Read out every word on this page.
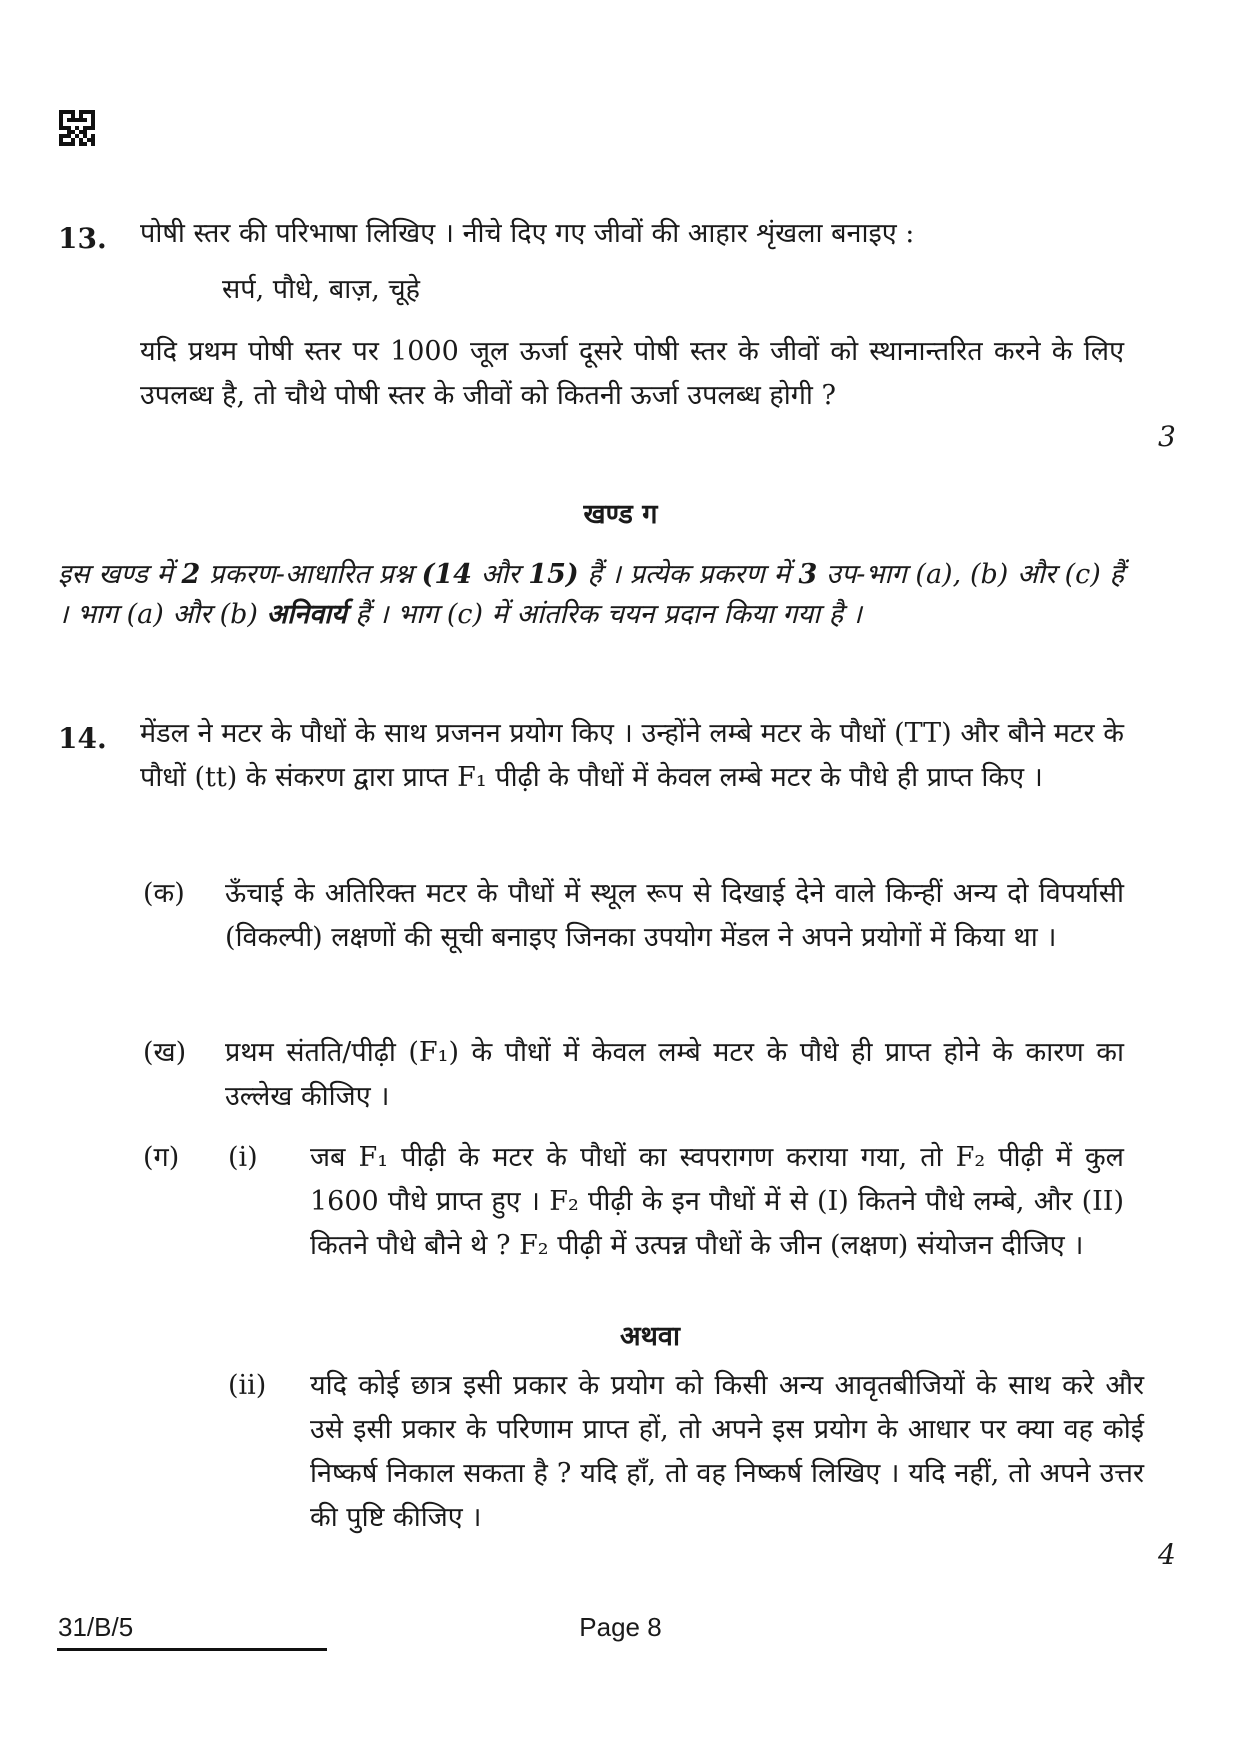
13. पोषी स्तर की परिभाषा लिखिए । नीचे दिए गए जीवों की आहार शृंखला बनाइए :
सर्प, पौधे, बाज़, चूहे
यदि प्रथम पोषी स्तर पर 1000 जूल ऊर्जा दूसरे पोषी स्तर के जीवों को स्थानान्तरित करने के लिए उपलब्ध है, तो चौथे पोषी स्तर के जीवों को कितनी ऊर्जा उपलब्ध होगी ?
3
खण्ड ग
इस खण्ड में 2 प्रकरण-आधारित प्रश्न (14 और 15) हैं । प्रत्येक प्रकरण में 3 उप-भाग (a), (b) और (c) हैं । भाग (a) और (b) अनिवार्य हैं । भाग (c) में आंतरिक चयन प्रदान किया गया है ।
14. मेंडल ने मटर के पौधों के साथ प्रजनन प्रयोग किए । उन्होंने लम्बे मटर के पौधों (TT) और बौने मटर के पौधों (tt) के संकरण द्वारा प्राप्त F₁ पीढ़ी के पौधों में केवल लम्बे मटर के पौधे ही प्राप्त किए ।
(क) ऊँचाई के अतिरिक्त मटर के पौधों में स्थूल रूप से दिखाई देने वाले किन्हीं अन्य दो विपर्यासी (विकल्पी) लक्षणों की सूची बनाइए जिनका उपयोग मेंडल ने अपने प्रयोगों में किया था ।
(ख) प्रथम संतति/पीढ़ी (F₁) के पौधों में केवल लम्बे मटर के पौधे ही प्राप्त होने के कारण का उल्लेख कीजिए ।
(ग) (i) जब F₁ पीढ़ी के मटर के पौधों का स्वपरागण कराया गया, तो F₂ पीढ़ी में कुल 1600 पौधे प्राप्त हुए । F₂ पीढ़ी के इन पौधों में से (I) कितने पौधे लम्बे, और (II) कितने पौधे बौने थे ? F₂ पीढ़ी में उत्पन्न पौधों के जीन (लक्षण) संयोजन दीजिए ।
अथवा
(ii) यदि कोई छात्र इसी प्रकार के प्रयोग को किसी अन्य आवृतबीजियों के साथ करे और उसे इसी प्रकार के परिणाम प्राप्त हों, तो अपने इस प्रयोग के आधार पर क्या वह कोई निष्कर्ष निकाल सकता है ? यदि हाँ, तो वह निष्कर्ष लिखिए । यदि नहीं, तो अपने उत्तर की पुष्टि कीजिए ।
4
31/B/5	Page 8
